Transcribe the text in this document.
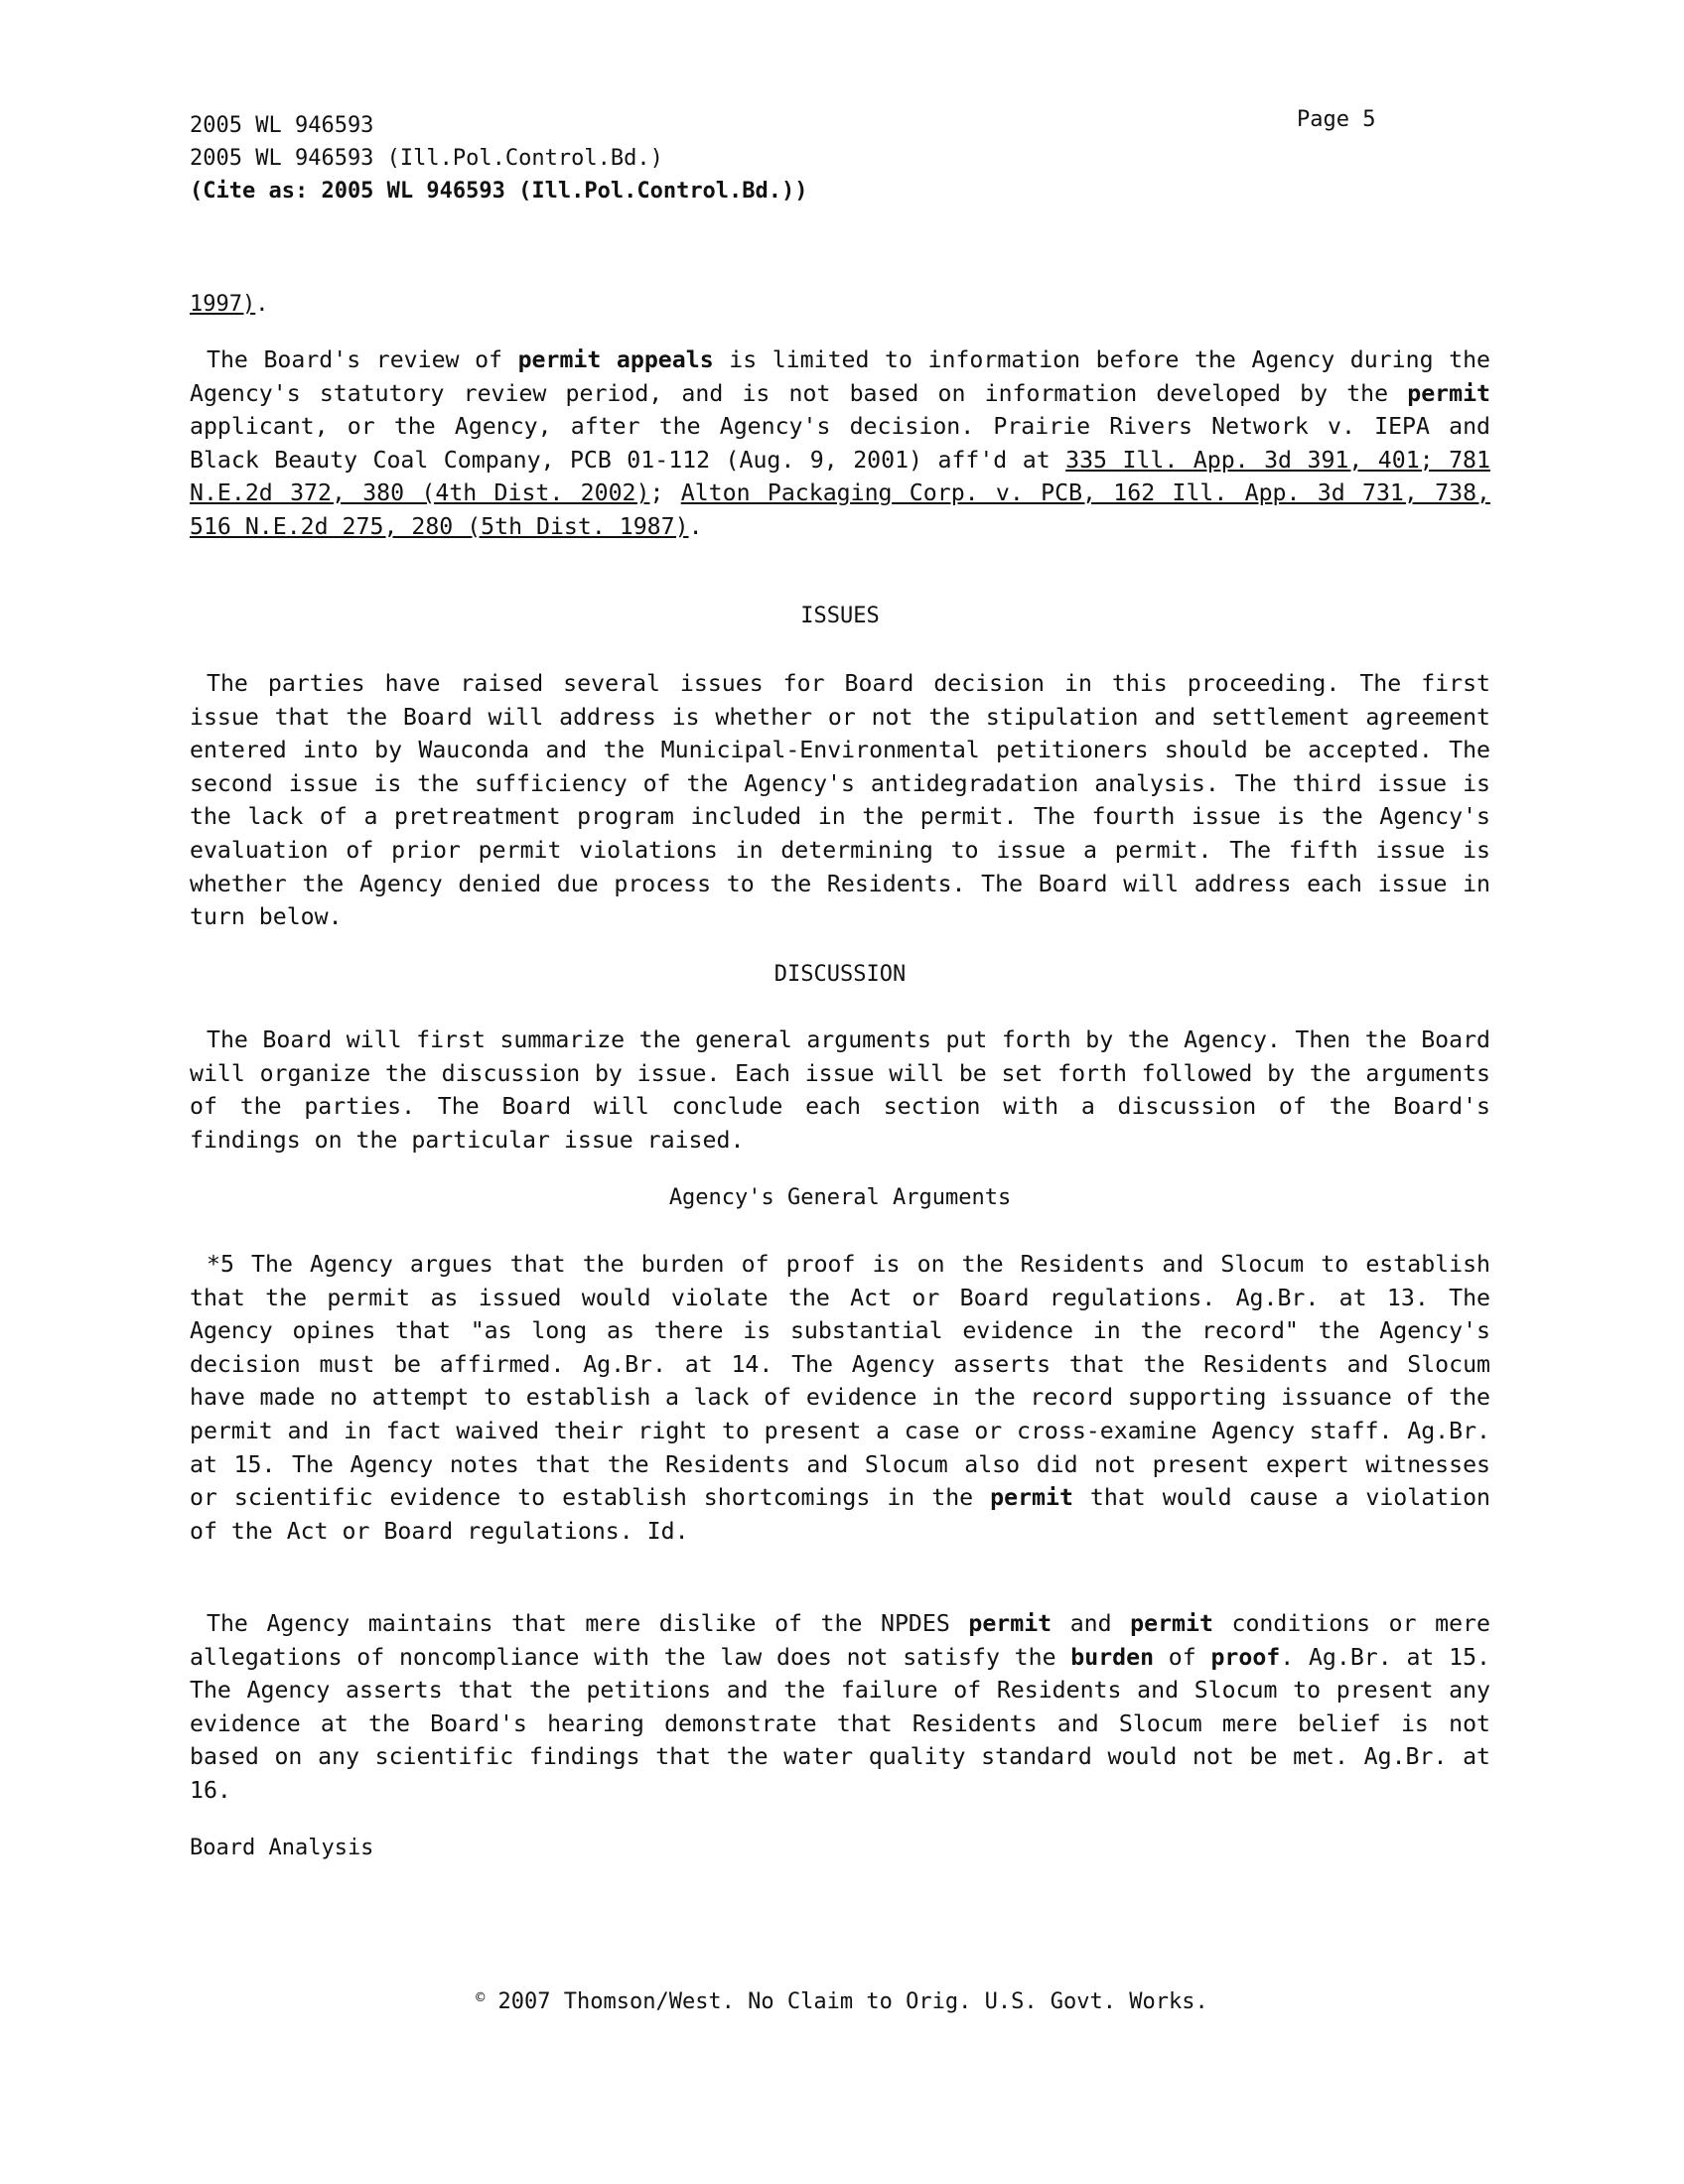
2005 WL 946593
2005 WL 946593 (Ill.Pol.Control.Bd.)
(Cite as: 2005 WL 946593 (Ill.Pol.Control.Bd.))
Page 5
1997).
The Board's review of permit appeals is limited to information before the Agency during the Agency's statutory review period, and is not based on information developed by the permit applicant, or the Agency, after the Agency's decision. Prairie Rivers Network v. IEPA and Black Beauty Coal Company, PCB 01-112 (Aug. 9, 2001) aff'd at 335 Ill. App. 3d 391, 401; 781 N.E.2d 372, 380 (4th Dist. 2002); Alton Packaging Corp. v. PCB, 162 Ill. App. 3d 731, 738, 516 N.E.2d 275, 280 (5th Dist. 1987).
ISSUES
The parties have raised several issues for Board decision in this proceeding. The first issue that the Board will address is whether or not the stipulation and settlement agreement entered into by Wauconda and the Municipal-Environmental petitioners should be accepted. The second issue is the sufficiency of the Agency's antidegradation analysis. The third issue is the lack of a pretreatment program included in the permit. The fourth issue is the Agency's evaluation of prior permit violations in determining to issue a permit. The fifth issue is whether the Agency denied due process to the Residents. The Board will address each issue in turn below.
DISCUSSION
The Board will first summarize the general arguments put forth by the Agency. Then the Board will organize the discussion by issue. Each issue will be set forth followed by the arguments of the parties. The Board will conclude each section with a discussion of the Board's findings on the particular issue raised.
Agency's General Arguments
*5 The Agency argues that the burden of proof is on the Residents and Slocum to establish that the permit as issued would violate the Act or Board regulations. Ag.Br. at 13. The Agency opines that "as long as there is substantial evidence in the record" the Agency's decision must be affirmed. Ag.Br. at 14. The Agency asserts that the Residents and Slocum have made no attempt to establish a lack of evidence in the record supporting issuance of the permit and in fact waived their right to present a case or cross-examine Agency staff. Ag.Br. at 15. The Agency notes that the Residents and Slocum also did not present expert witnesses or scientific evidence to establish shortcomings in the permit that would cause a violation of the Act or Board regulations. Id.
The Agency maintains that mere dislike of the NPDES permit and permit conditions or mere allegations of noncompliance with the law does not satisfy the burden of proof. Ag.Br. at 15. The Agency asserts that the petitions and the failure of Residents and Slocum to present any evidence at the Board's hearing demonstrate that Residents and Slocum mere belief is not based on any scientific findings that the water quality standard would not be met. Ag.Br. at 16.
Board Analysis
© 2007 Thomson/West. No Claim to Orig. U.S. Govt. Works.
